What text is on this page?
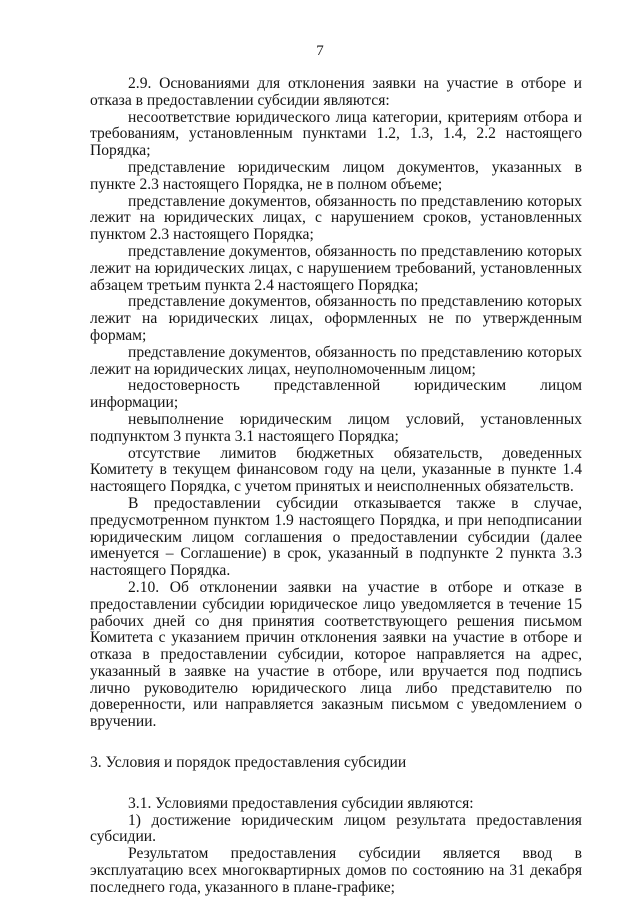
7

2.9. Основаниями для отклонения заявки на участие в отборе и отказа в предоставлении субсидии являются:

несоответствие юридического лица категории, критериям отбора и требованиям, установленным пунктами 1.2, 1.3, 1.4, 2.2 настоящего Порядка;

представление юридическим лицом документов, указанных в пункте 2.3 настоящего Порядка, не в полном объеме;

представление документов, обязанность по представлению которых лежит на юридических лицах, с нарушением сроков, установленных пунктом 2.3 настоящего Порядка;

представление документов, обязанность по представлению которых лежит на юридических лицах, с нарушением требований, установленных абзацем третьим пункта 2.4 настоящего Порядка;

представление документов, обязанность по представлению которых лежит на юридических лицах, оформленных не по утвержденным формам;

представление документов, обязанность по представлению которых лежит на юридических лицах, неуполномоченным лицом;

недостоверность представленной юридическим лицом информации;

невыполнение юридическим лицом условий, установленных подпунктом 3 пункта 3.1 настоящего Порядка;

отсутствие лимитов бюджетных обязательств, доведенных Комитету в текущем финансовом году на цели, указанные в пункте 1.4 настоящего Порядка, с учетом принятых и неисполненных обязательств.

В предоставлении субсидии отказывается также в случае, предусмотренном пунктом 1.9 настоящего Порядка, и при неподписании юридическим лицом соглашения о предоставлении субсидии (далее именуется – Соглашение) в срок, указанный в подпункте 2 пункта 3.3 настоящего Порядка.

2.10. Об отклонении заявки на участие в отборе и отказе в предоставлении субсидии юридическое лицо уведомляется в течение 15 рабочих дней со дня принятия соответствующего решения письмом Комитета с указанием причин отклонения заявки на участие в отборе и отказа в предоставлении субсидии, которое направляется на адрес, указанный в заявке на участие в отборе, или вручается под подпись лично руководителю юридического лица либо представителю по доверенности, или направляется заказным письмом с уведомлением о вручении.

3. Условия и порядок предоставления субсидии

3.1. Условиями предоставления субсидии являются:

1) достижение юридическим лицом результата предоставления субсидии.

Результатом предоставления субсидии является ввод в эксплуатацию всех многоквартирных домов по состоянию на 31 декабря последнего года, указанного в плане-графике;
